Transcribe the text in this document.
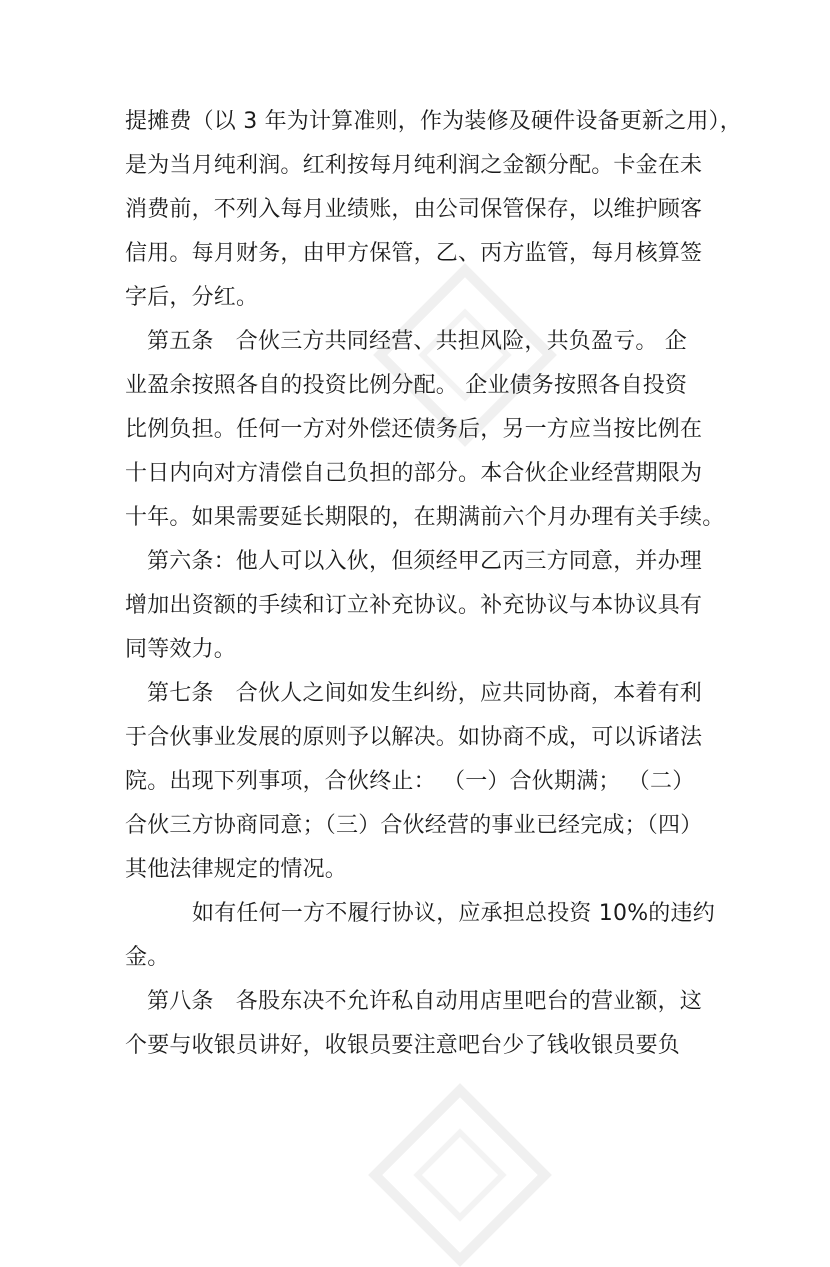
提摊费（以 3 年为计算准则，作为装修及硬件设备更新之用），
是为当月纯利润。红利按每月纯利润之金额分配。卡金在未
消费前，不列入每月业绩账，由公司保管保存，以维护顾客
信用。每月财务，由甲方保管，乙、丙方监管，每月核算签
字后，分红。
第五条　合伙三方共同经营、共担风险，共负盈亏。 企
业盈余按照各自的投资比例分配。 企业债务按照各自投资
比例负担。任何一方对外偿还债务后，另一方应当按比例在
十日内向对方清偿自己负担的部分。本合伙企业经营期限为
十年。如果需要延长期限的，在期满前六个月办理有关手续。
第六条：他人可以入伙，但须经甲乙丙三方同意，并办理
增加出资额的手续和订立补充协议。补充协议与本协议具有
同等效力。
第七条　合伙人之间如发生纠纷，应共同协商，本着有利
于合伙事业发展的原则予以解决。如协商不成，可以诉诸法
院。出现下列事项，合伙终止： （一）合伙期满； （二）
合伙三方协商同意；（三）合伙经营的事业已经完成；（四）
其他法律规定的情况。
如有任何一方不履行协议，应承担总投资 10%的违约
金。
第八条　各股东决不允许私自动用店里吧台的营业额，这
个要与收银员讲好，收银员要注意吧台少了钱收银员要负
